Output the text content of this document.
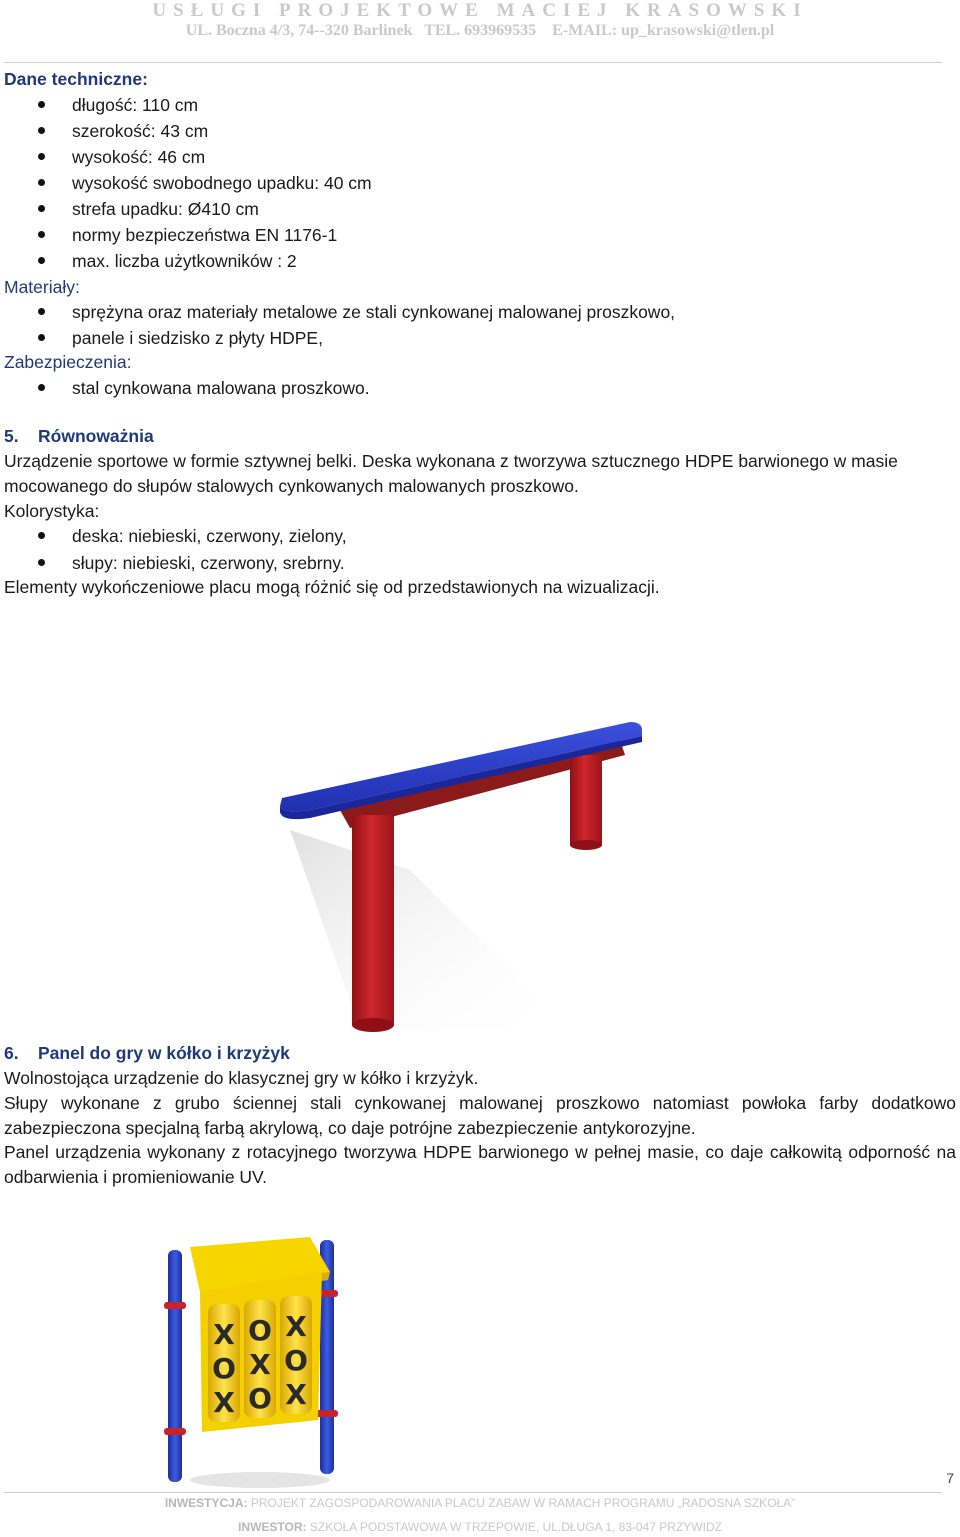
USŁUGI PROJEKTOWE MACIEJ KRASOWSKI
UL. Boczna 4/3, 74--320 Barlinek   TEL. 693969535    E-MAIL: up_krasowski@tlen.pl
Dane techniczne:
długość: 110 cm
szerokość: 43 cm
wysokość: 46 cm
wysokość swobodnego upadku: 40 cm
strefa upadku: Ø410 cm
normy bezpieczeństwa EN 1176-1
max. liczba użytkowników : 2
Materiały:
sprężyna oraz materiały metalowe ze stali cynkowanej malowanej proszkowo,
panele i siedzisko z płyty HDPE,
Zabezpieczenia:
stal cynkowana malowana proszkowo.
5. Równoważnia
Urządzenie sportowe w formie sztywnej belki. Deska wykonana z tworzywa sztucznego HDPE barwionego w masie
mocowanego do słupów stalowych cynkowanych malowanych proszkowo.
Kolorystyka:
deska: niebieski, czerwony, zielony,
słupy: niebieski, czerwony, srebrny.
Elementy wykończeniowe placu mogą różnić się od przedstawionych na wizualizacji.
6. Panel do gry w kółko i krzyżyk
Wolnostojąca urządzenie do klasycznej gry w kółko i krzyżyk.
Słupy wykonane z grubo ściennej stali cynkowanej malowanej proszkowo natomiast powłoka farby dodatkowo
zabezpieczona specjalną farbą akrylową, co daje potrójne zabezpieczenie antykorozyjne.
Panel urządzenia wykonany z rotacyjnego tworzywa HDPE barwionego w pełnej masie, co daje całkowitą odporność na
odbarwienia i promieniowanie UV.
X O X
O X O
X O X
7
INWESTYCJA: PROJEKT ZAGOSPODAROWANIA PLACU ZABAW W RAMACH PROGRAMU „RADOSNA SZKOŁA”
INWESTOR: SZKOŁA PODSTAWOWA W TRZEPOWIE, UL.DŁUGA 1, 83-047 PRZYWIDZ
